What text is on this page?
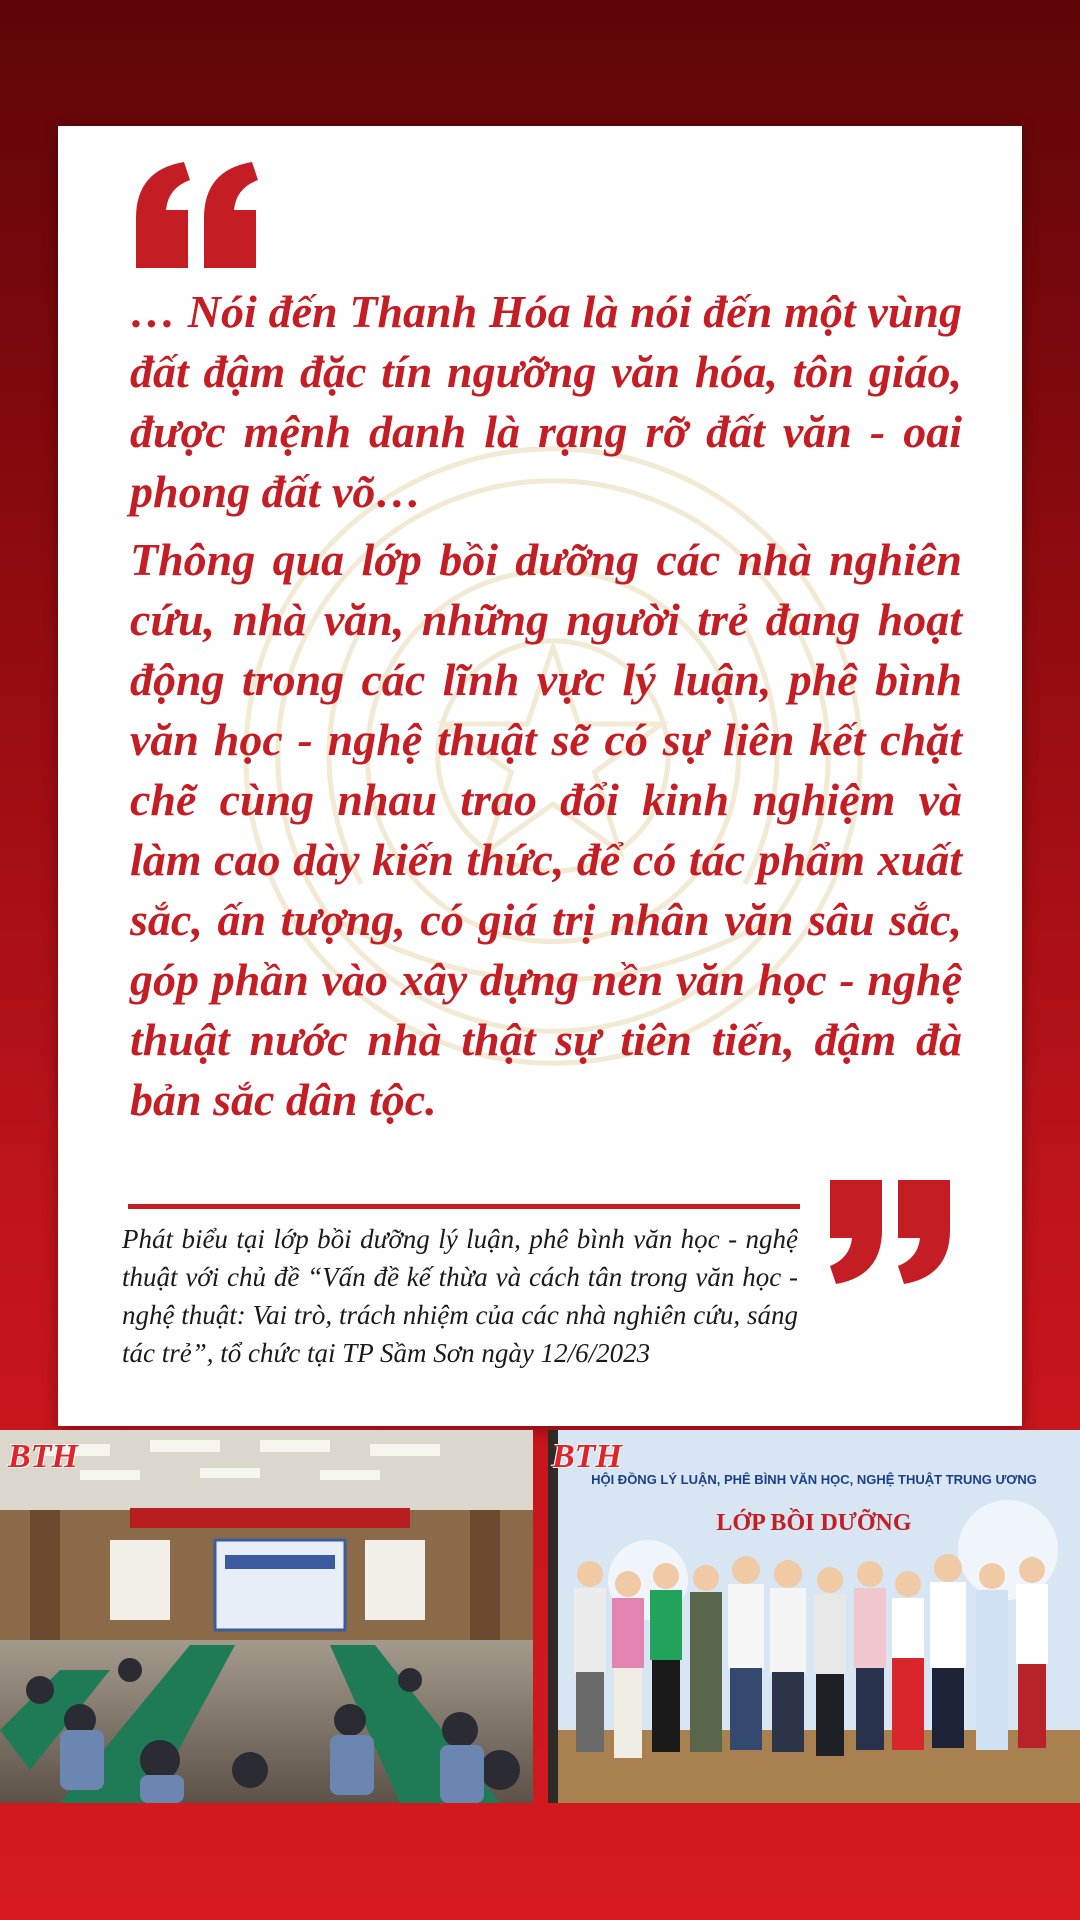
… Nói đến Thanh Hóa là nói đến một vùng đất đậm đặc tín ngưỡng văn hóa, tôn giáo, được mệnh danh là rạng rỡ đất văn - oai phong đất võ…

Thông qua lớp bồi dưỡng các nhà nghiên cứu, nhà văn, những người trẻ đang hoạt động trong các lĩnh vực lý luận, phê bình văn học - nghệ thuật sẽ có sự liên kết chặt chẽ cùng nhau trao đổi kinh nghiệm và làm cao dày kiến thức, để có tác phẩm xuất sắc, ấn tượng, có giá trị nhân văn sâu sắc, góp phần vào xây dựng nền văn học - nghệ thuật nước nhà thật sự tiên tiến, đậm đà bản sắc dân tộc.

Phát biểu tại lớp bồi dưỡng lý luận, phê bình văn học - nghệ thuật với chủ đề “Vấn đề kế thừa và cách tân trong văn học - nghệ thuật: Vai trò, trách nhiệm của các nhà nghiên cứu, sáng tác trẻ”, tổ chức tại TP Sầm Sơn ngày 12/6/2023
BTH
HỘI ĐỒNG LÝ LUẬN, PHÊ BÌNH VĂN HỌC, NGHỆ THUẬT TRUNG ƯƠNG
LỚP BỒI DƯỠNG
BTH
